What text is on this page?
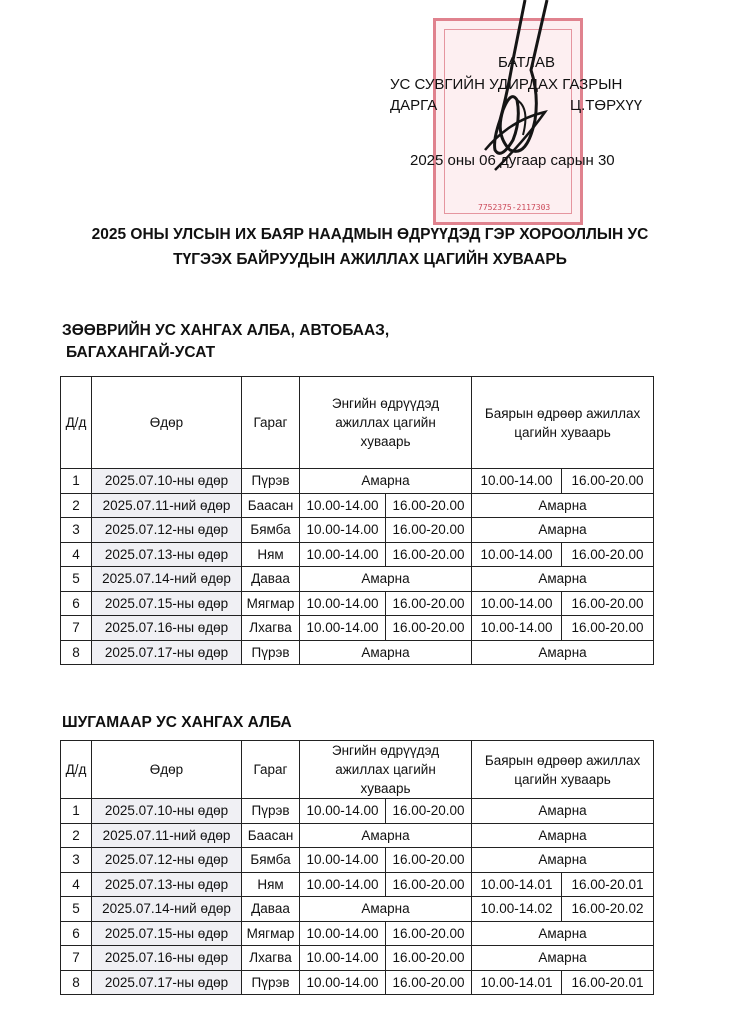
7752375-2117303
БАТЛАВ
УС СУВГИЙН УДИРДАХ ГАЗРЫН
ДАРГА	Ц.ТӨРХҮҮ
2025 оны 06 дугаар сарын 30
2025 ОНЫ УЛСЫН ИХ БАЯР НААДМЫН ӨДРҮҮДЭД ГЭР ХОРООЛЛЫН УС
ТҮГЭЭХ БАЙРУУДЫН АЖИЛЛАХ ЦАГИЙН ХУВААРЬ
ЗӨӨВРИЙН УС ХАНГАХ АЛБА, АВТОБААЗ,
БАГАХАНГАЙ-УСАТ
Д/д	Өдөр	Гараг	Энгийн өдрүүдэд ажиллах цагийн хуваарь		Баярын өдрөөр ажиллах цагийн хуваарь	
1	2025.07.10-ны өдөр	Пүрэв	Амарна		10.00-14.00	16.00-20.00
2	2025.07.11-ний өдөр	Баасан	10.00-14.00	16.00-20.00	Амарна	
3	2025.07.12-ны өдөр	Бямба	10.00-14.00	16.00-20.00	Амарна	
4	2025.07.13-ны өдөр	Ням	10.00-14.00	16.00-20.00	10.00-14.00	16.00-20.00
5	2025.07.14-ний өдөр	Даваа	Амарна		Амарна	
6	2025.07.15-ны өдөр	Мягмар	10.00-14.00	16.00-20.00	10.00-14.00	16.00-20.00
7	2025.07.16-ны өдөр	Лхагва	10.00-14.00	16.00-20.00	10.00-14.00	16.00-20.00
8	2025.07.17-ны өдөр	Пүрэв	Амарна		Амарна	
ШУГАМААР УС ХАНГАХ АЛБА
Д/д	Өдөр	Гараг	Энгийн өдрүүдэд ажиллах цагийн хуваарь		Баярын өдрөөр ажиллах цагийн хуваарь	
1	2025.07.10-ны өдөр	Пүрэв	10.00-14.00	16.00-20.00	Амарна	
2	2025.07.11-ний өдөр	Баасан	Амарна		Амарна	
3	2025.07.12-ны өдөр	Бямба	10.00-14.00	16.00-20.00	Амарна	
4	2025.07.13-ны өдөр	Ням	10.00-14.00	16.00-20.00	10.00-14.01	16.00-20.01
5	2025.07.14-ний өдөр	Даваа	Амарна		10.00-14.02	16.00-20.02
6	2025.07.15-ны өдөр	Мягмар	10.00-14.00	16.00-20.00	Амарна	
7	2025.07.16-ны өдөр	Лхагва	10.00-14.00	16.00-20.00	Амарна	
8	2025.07.17-ны өдөр	Пүрэв	10.00-14.00	16.00-20.00	10.00-14.01	16.00-20.01
